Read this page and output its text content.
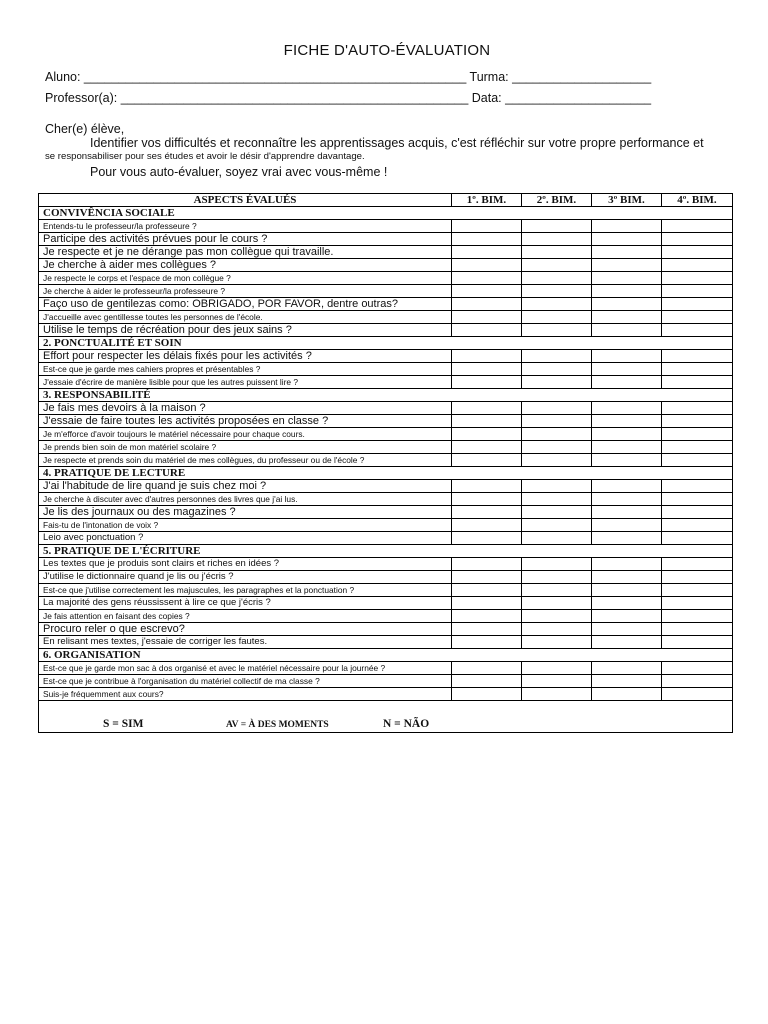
FICHE D'AUTO-ÉVALUATION
Aluno: _______________________________________________________ Turma: ____________________
Professor(a): __________________________________________________ Data: _____________________
Cher(e) élève,
Identifier vos difficultés et reconnaître les apprentissages acquis, c'est réfléchir sur votre propre performance et
se responsabiliser pour ses études et avoir le désir d'apprendre davantage.
Pour vous auto-évaluer, soyez vrai avec vous-même !
ASPECTS ÉVALUÉS	1º. BIM.	2º. BIM.	3º BIM.	4º. BIM.
CONVIVÊNCIA SOCIALE				
Entends-tu le professeur/la professeure ?				
Participe des activités prévues pour le cours ?				
Je respecte et je ne dérange pas mon collègue qui travaille.				
Je cherche à aider mes collègues ?				
Je respecte le corps et l'espace de mon collègue ?				
Je cherche à aider le professeur/la professeure ?				
Faço uso de gentilezas como: OBRIGADO, POR FAVOR, dentre outras?				
J'accueille avec gentillesse toutes les personnes de l'école.				
Utilise le temps de récréation pour des jeux sains ?				
2. PONCTUALITÉ ET SOIN				
Effort pour respecter les délais fixés pour les activités ?				
Est-ce que je garde mes cahiers propres et présentables ?				
J'essaie d'écrire de manière lisible pour que les autres puissent lire ?				
3. RESPONSABILITÉ				
Je fais mes devoirs à la maison ?				
J'essaie de faire toutes les activités proposées en classe ?				
Je m'efforce d'avoir toujours le matériel nécessaire pour chaque cours.				
Je prends bien soin de mon matériel scolaire ?				
Je respecte et prends soin du matériel de mes collègues, du professeur ou de l'école ?				
4. PRATIQUE DE LECTURE				
J'ai l'habitude de lire quand je suis chez moi ?				
Je cherche à discuter avec d'autres personnes des livres que j'ai lus.				
Je lis des journaux ou des magazines ?				
Fais-tu de l'intonation de voix ?				
Leio avec ponctuation ?				
5. PRATIQUE DE L'ÉCRITURE				
Les textes que je produis sont clairs et riches en idées ?				
J'utilise le dictionnaire quand je lis ou j'écris ?				
Est-ce que j'utilise correctement les majuscules, les paragraphes et la ponctuation ?				
La majorité des gens réussissent à lire ce que j'écris ?				
Je fais attention en faisant des copies ?				
Procuro reler o que escrevo?				
En relisant mes textes, j'essaie de corriger les fautes.				
6. ORGANISATION				
Est-ce que je garde mon sac à dos organisé et avec le matériel nécessaire pour la journée ?				
Est-ce que je contribue à l'organisation du matériel collectif de ma classe ?				
Suis-je fréquemment aux cours?				

S = SIM AV = À DES MOMENTS N = NÃO				
